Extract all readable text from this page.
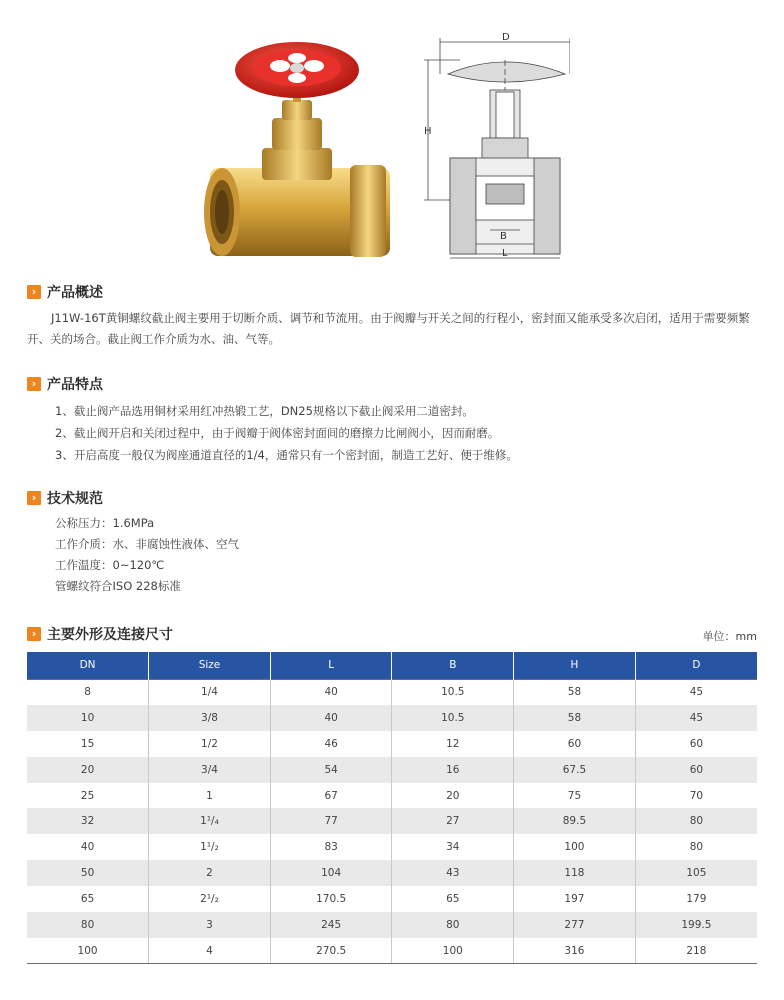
D
H
B
L
›
产品概述
J11W-16T黄铜螺纹截止阀主要用于切断介质、调节和节流用。由于阀瓣与开关之间的行程小，密封面又能承受多次启闭，适用于需要频繁开、关的场合。截止阀工作介质为水、油、气等。
›
产品特点
1、截止阀产品选用铜材采用红冲热锻工艺，DN25规格以下截止阀采用二道密封。
2、截止阀开启和关闭过程中，由于阀瓣于阀体密封面间的磨擦力比闸阀小，因而耐磨。
3、开启高度一般仅为阀座通道直径的1/4，通常只有一个密封面，制造工艺好、便于维修。
›
技术规范
公称压力：1.6MPa
工作介质：水、非腐蚀性液体、空气
工作温度：0~120℃
管螺纹符合ISO 228标准
›
主要外形及连接尺寸	单位：mm
DN	Size	L	B	H	D
8	1/4	40	10.5	58	45
10	3/8	40	10.5	58	45
15	1/2	46	12	60	60
20	3/4	54	16	67.5	60
25	1	67	20	75	70
32	1¹/₄	77	27	89.5	80
40	1¹/₂	83	34	100	80
50	2	104	43	118	105
65	2¹/₂	170.5	65	197	179
80	3	245	80	277	199.5
100	4	270.5	100	316	218
